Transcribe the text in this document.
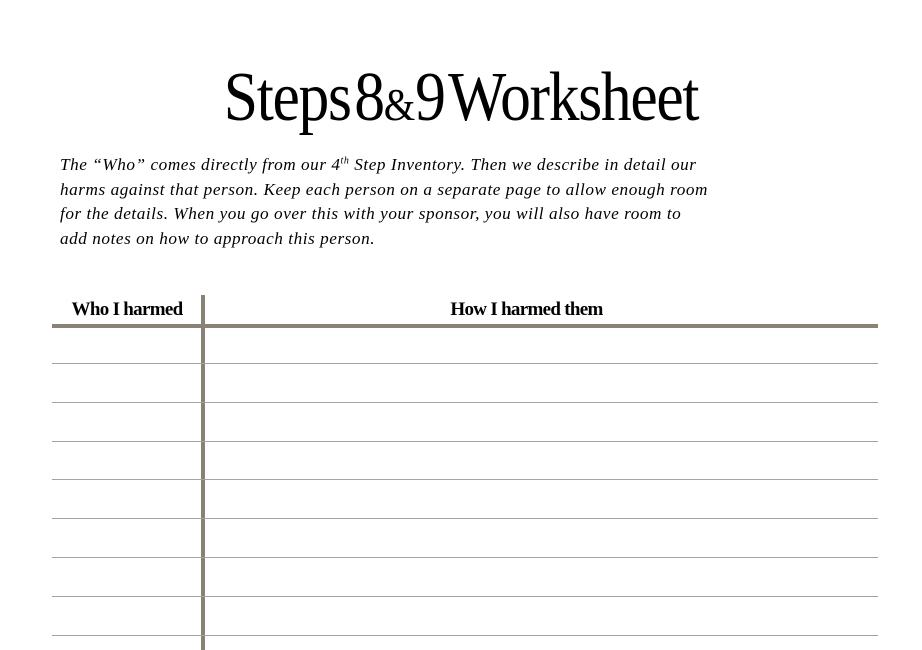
Steps8&9Worksheet
The “Who” comes directly from our 4th Step Inventory. Then we describe in detail our
harms against that person. Keep each person on a separate page to allow enough room
for the details. When you go over this with your sponsor, you will also have room to
add notes on how to approach this person.
Who I harmed	How I harmed them
